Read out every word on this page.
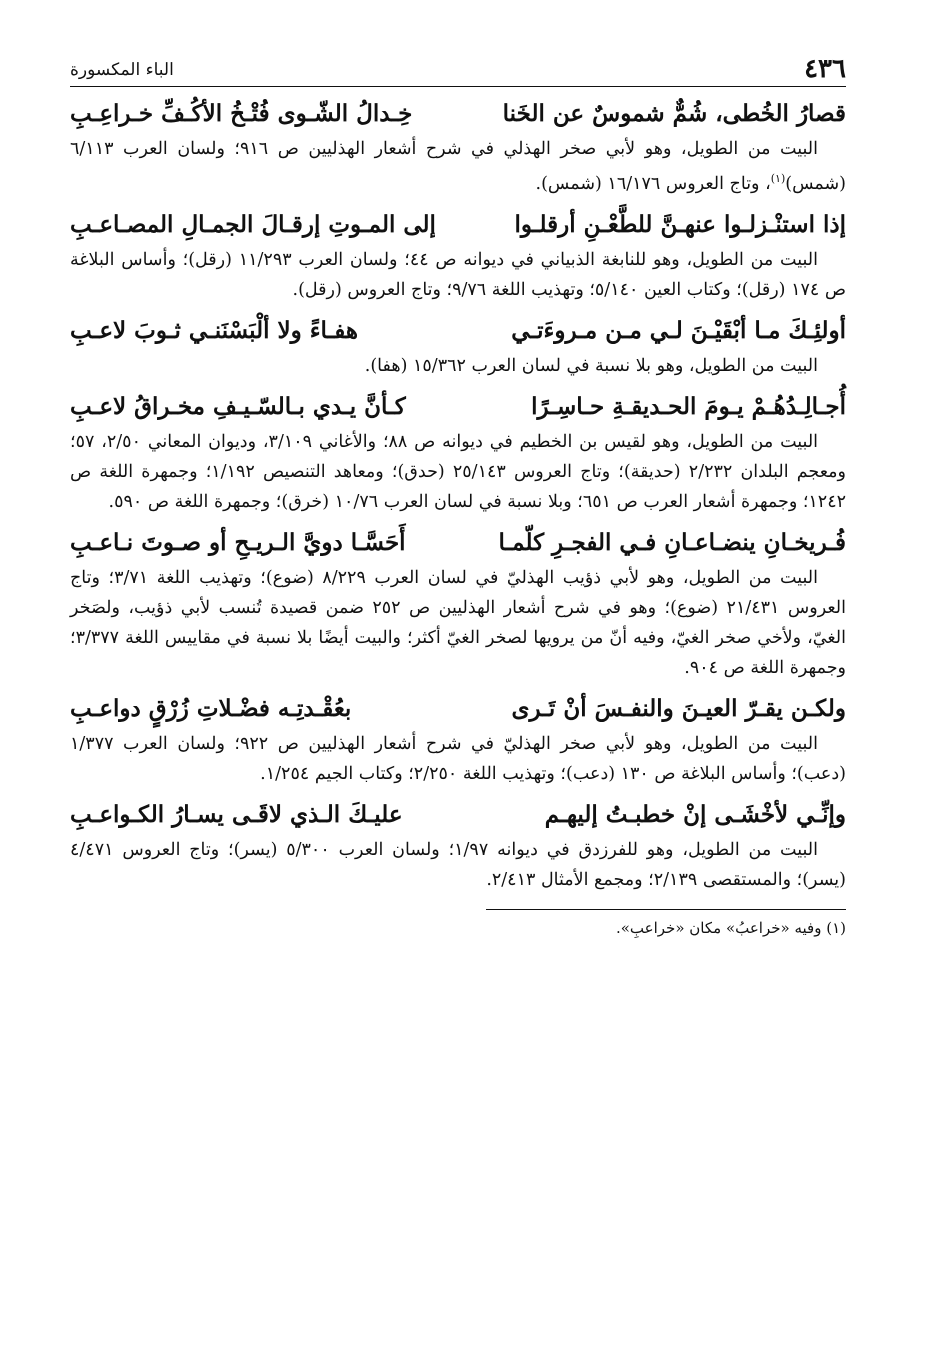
٤٣٦
الباء المكسورة
قصارُ الخُطى، شُمٌّ شموسٌ عن الخَنا
خِـدالُ الشّـوى فُتْـخُ الأكُـفِّ خـراعِـبِ

البيت من الطويل، وهو لأبي صخر الهذلي في شرح أشعار الهذليين ص ٩١٦؛ ولسان العرب ٦/١١٣ (شمس)$^{(١)}$، وتاج العروس ١٦/١٧٦ (شمس).

إذا استنْـزلـوا عنهـنَّ للطَّعْـنِ أرقلـوا
إلى المـوتِ إرقـالَ الجمـالِ المصـاعـبِ

البيت من الطويل، وهو للنابغة الذبياني في ديوانه ص ٤٤؛ ولسان العرب ١١/٢٩٣ (رقل)؛ وأساس البلاغة ص ١٧٤ (رقل)؛ وكتاب العين ٥/١٤٠؛ وتهذيب اللغة ٩/٧٦؛ وتاج العروس (رقل).

أولئِـكَ مـا أبْقَيْـنَ لـي مـن مـروءَتـي
هفـاءً ولا ألْبَسْنَنـي ثـوبَ لاعـبِ

البيت من الطويل، وهو بلا نسبة في لسان العرب ١٥/٣٦٢ (هفا).

أُجـالِـدُهُـمْ يـومَ الحـديقـةِ حـاسِـرًا
كـأنَّ يـدي بـالسّـيـفِ مخـراقُ لاعـبِ

البيت من الطويل، وهو لقيس بن الخطيم في ديوانه ص ٨٨؛ والأغاني ٣/١٠٩، وديوان المعاني ٢/٥٠، ٥٧؛ ومعجم البلدان ٢/٢٣٢ (حديقة)؛ وتاج العروس ٢٥/١٤٣ (حدق)؛ ومعاهد التنصيص ١/١٩٢؛ وجمهرة اللغة ص ١٢٤٢؛ وجمهرة أشعار العرب ص ٦٥١؛ وبلا نسبة في لسان العرب ١٠/٧٦ (خرق)؛ وجمهرة اللغة ص ٥٩٠.

فُـريخـانِ ينضـاعـانِ فـي الفجـرِ كلّمـا
أَحَسَّـا دويَّ الـريـحِ أو صـوتَ نـاعـبِ

البيت من الطويل، وهو لأبي ذؤيب الهذليّ في لسان العرب ٨/٢٢٩ (ضوع)؛ وتهذيب اللغة ٣/٧١؛ وتاج العروس ٢١/٤٣١ (ضوع)؛ وهو في شرح أشعار الهذليين ص ٢٥٢ ضمن قصيدة تُنسب لأبي ذؤيب، ولصَخر الغيّ، ولأخي صخر الغيّ، وفيه أنّ من يرويها لصخر الغيّ أكثر؛ والبيت أيضًا بلا نسبة في مقاييس اللغة ٣/٣٧٧؛ وجمهرة اللغة ص ٩٠٤.

ولكـن يقـرّ العيـنَ والنفـسَ أنْ تَـرى
بعُقْـدتِـه فضْـلاتِ زُرْقٍ دواعـبِ

البيت من الطويل، وهو لأبي صخر الهذليّ في شرح أشعار الهذليين ص ٩٢٢؛ ولسان العرب ١/٣٧٧ (دعب)؛ وأساس البلاغة ص ١٣٠ (دعب)؛ وتهذيب اللغة ٢/٢٥٠؛ وكتاب الجيم ١/٢٥٤.

وإنِّـي لأخْشَـى إنْ خطبـتُ إليهـم
عليـكَ الـذي لاقَـى يسـارُ الكـواعـبِ

البيت من الطويل، وهو للفرزدق في ديوانه ١/٩٧؛ ولسان العرب ٥/٣٠٠ (يسر)؛ وتاج العروس ٤/٤٧١ (يسر)؛ والمستقصى ٢/١٣٩؛ ومجمع الأمثال ٢/٤١٣.

(١) وفيه «خراعبُ» مكان «خراعبِ».
